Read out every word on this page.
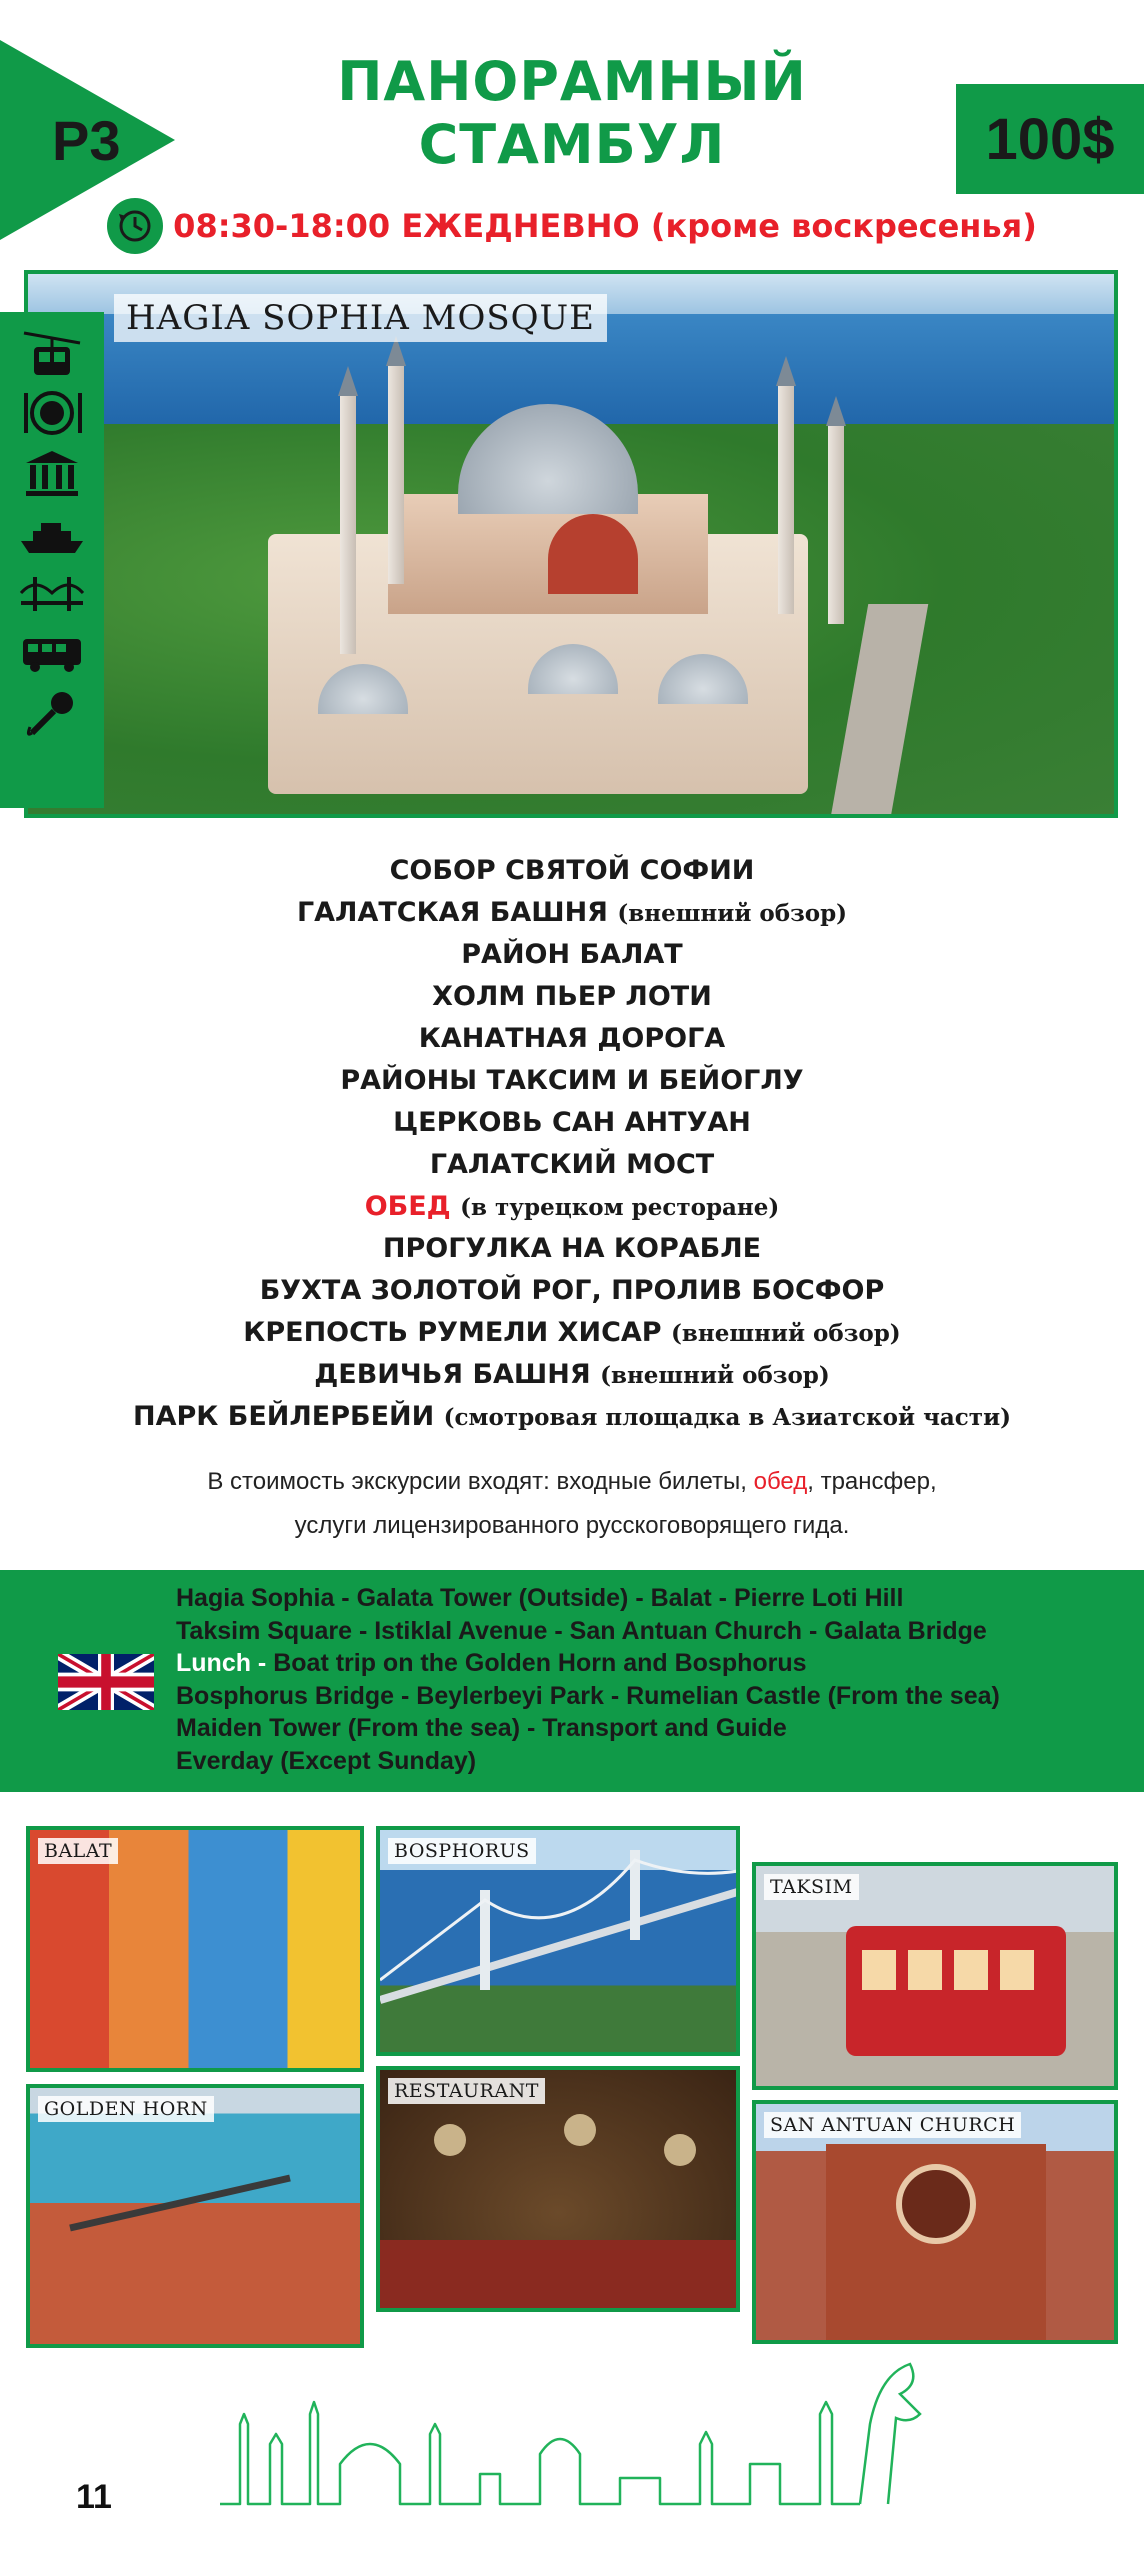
P3
ПАНОРАМНЫЙ СТАМБУЛ	100$
08:30-18:00 ЕЖЕДНЕВНО (кроме воскресенья)
HAGIA SOPHIA MOSQUE
СОБОР СВЯТОЙ СОФИИ
ГАЛАТСКАЯ БАШНЯ (внешний обзор)
РАЙОН БАЛАТ
ХОЛМ ПЬЕР ЛОТИ
КАНАТНАЯ ДОРОГА
РАЙОНЫ ТАКСИМ И БЕЙОГЛУ
ЦЕРКОВЬ САН АНТУАН
ГАЛАТСКИЙ МОСТ
ОБЕД (в турецком ресторане)
ПРОГУЛКА НА КОРАБЛЕ
БУХТА ЗОЛОТОЙ РОГ, ПРОЛИВ БОСФОР
КРЕПОСТЬ РУМЕЛИ ХИСАР (внешний обзор)
ДЕВИЧЬЯ БАШНЯ (внешний обзор)
ПАРК БЕЙЛЕРБЕЙИ (смотровая площадка в Азиатской части)
В стоимость экскурсии входят: входные билеты, обед, трансфер,
услуги лицензированного русскоговорящего гида.
Hagia Sophia - Galata Tower (Outside) - Balat - Pierre Loti Hill
Taksim Square - Istiklal Avenue - San Antuan Church - Galata Bridge
Lunch - Boat trip on the Golden Horn and Bosphorus
Bosphorus Bridge - Beylerbeyi Park - Rumelian Castle (From the sea)
Maiden Tower (From the sea) - Transport and Guide
Everday (Except Sunday)
BALAT	BOSPHORUS
TAKSIM
GOLDEN HORN
RESTAURANT
SAN ANTUAN CHURCH
11
